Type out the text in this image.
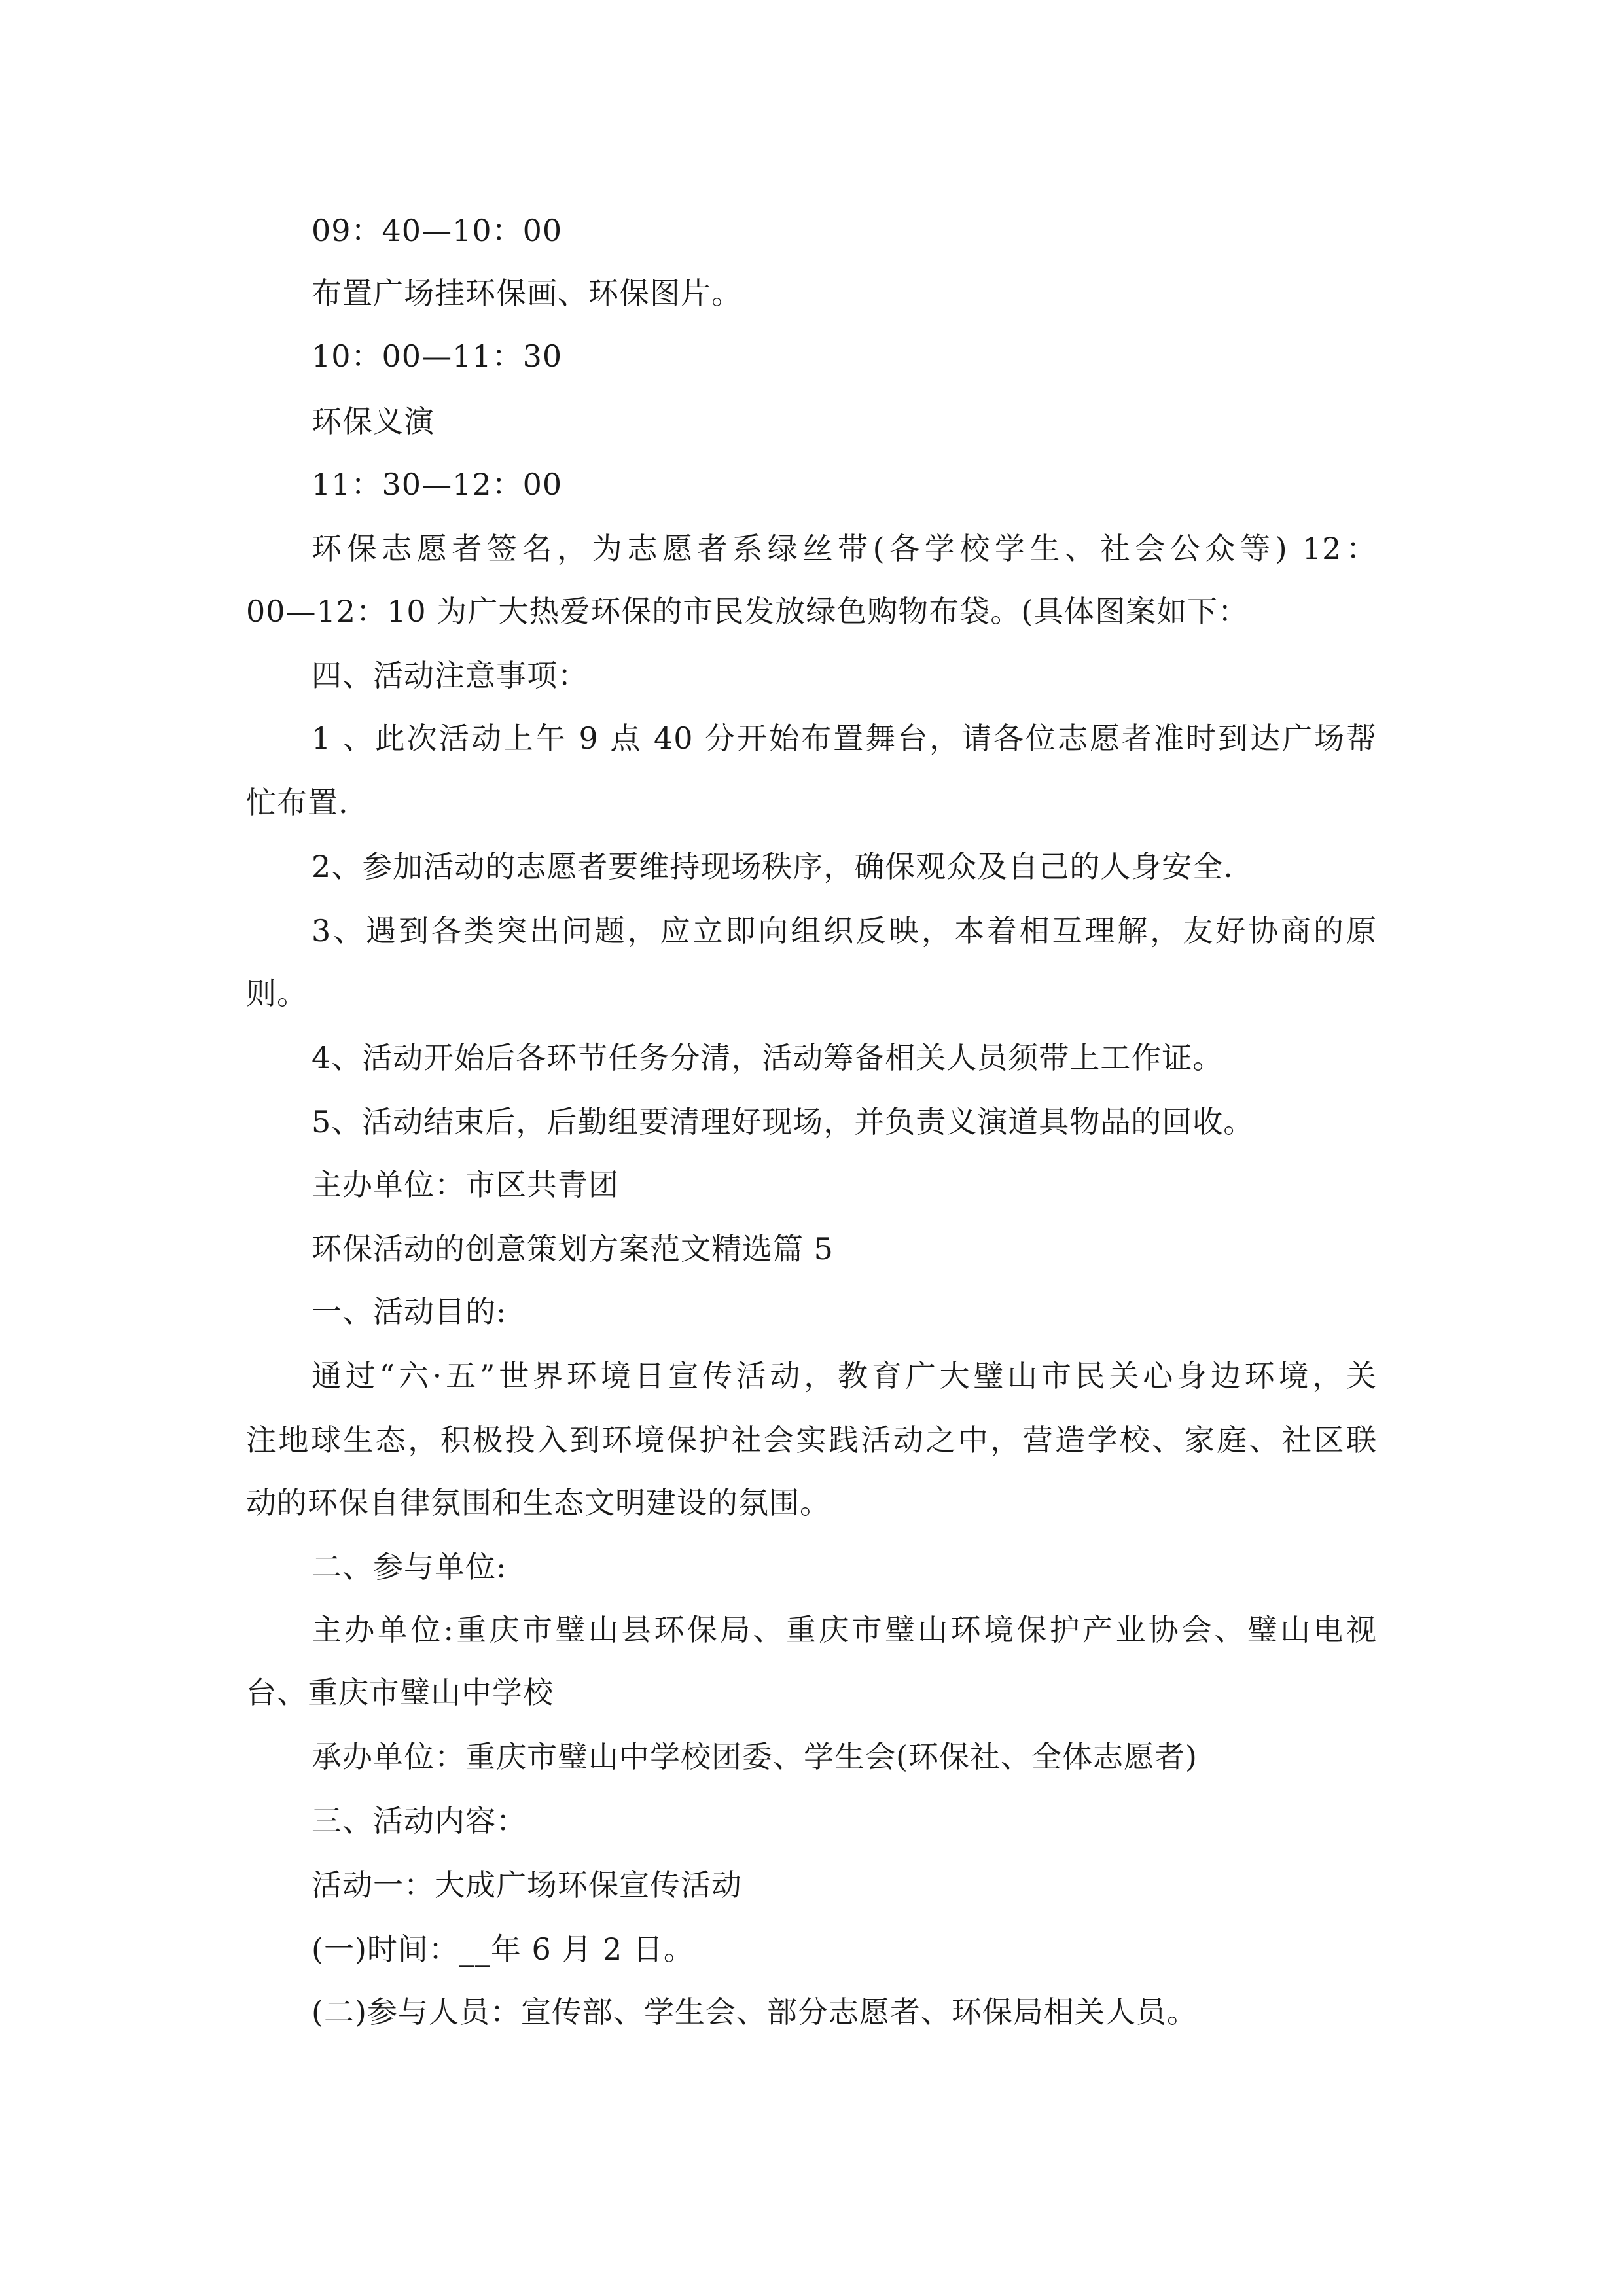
09：40—10：00

布置广场挂环保画、环保图片。

10：00—11：30

环保义演

11：30—12：00

环保志愿者签名，为志愿者系绿丝带(各学校学生、社会公众等) 12：

00—12：10 为广大热爱环保的市民发放绿色购物布袋。(具体图案如下：

四、活动注意事项：

1 、此次活动上午 9 点 40 分开始布置舞台，请各位志愿者准时到达广场帮

忙布置.

2、参加活动的志愿者要维持现场秩序，确保观众及自己的人身安全.

3、遇到各类突出问题，应立即向组织反映，本着相互理解，友好协商的原

则。

4、活动开始后各环节任务分清，活动筹备相关人员须带上工作证。

5、活动结束后，后勤组要清理好现场，并负责义演道具物品的回收。

主办单位：市区共青团

环保活动的创意策划方案范文精选篇 5

一、活动目的:

通过“六·五”世界环境日宣传活动，教育广大璧山市民关心身边环境，关

注地球生态，积极投入到环境保护社会实践活动之中，营造学校、家庭、社区联

动的环保自律氛围和生态文明建设的氛围。

二、参与单位:

主办单位:重庆市璧山县环保局、重庆市璧山环境保护产业协会、璧山电视

台、重庆市璧山中学校

承办单位：重庆市璧山中学校团委、学生会(环保社、全体志愿者)

三、活动内容：

活动一：大成广场环保宣传活动

(一)时间：__年 6 月 2 日。

(二)参与人员：宣传部、学生会、部分志愿者、环保局相关人员。
